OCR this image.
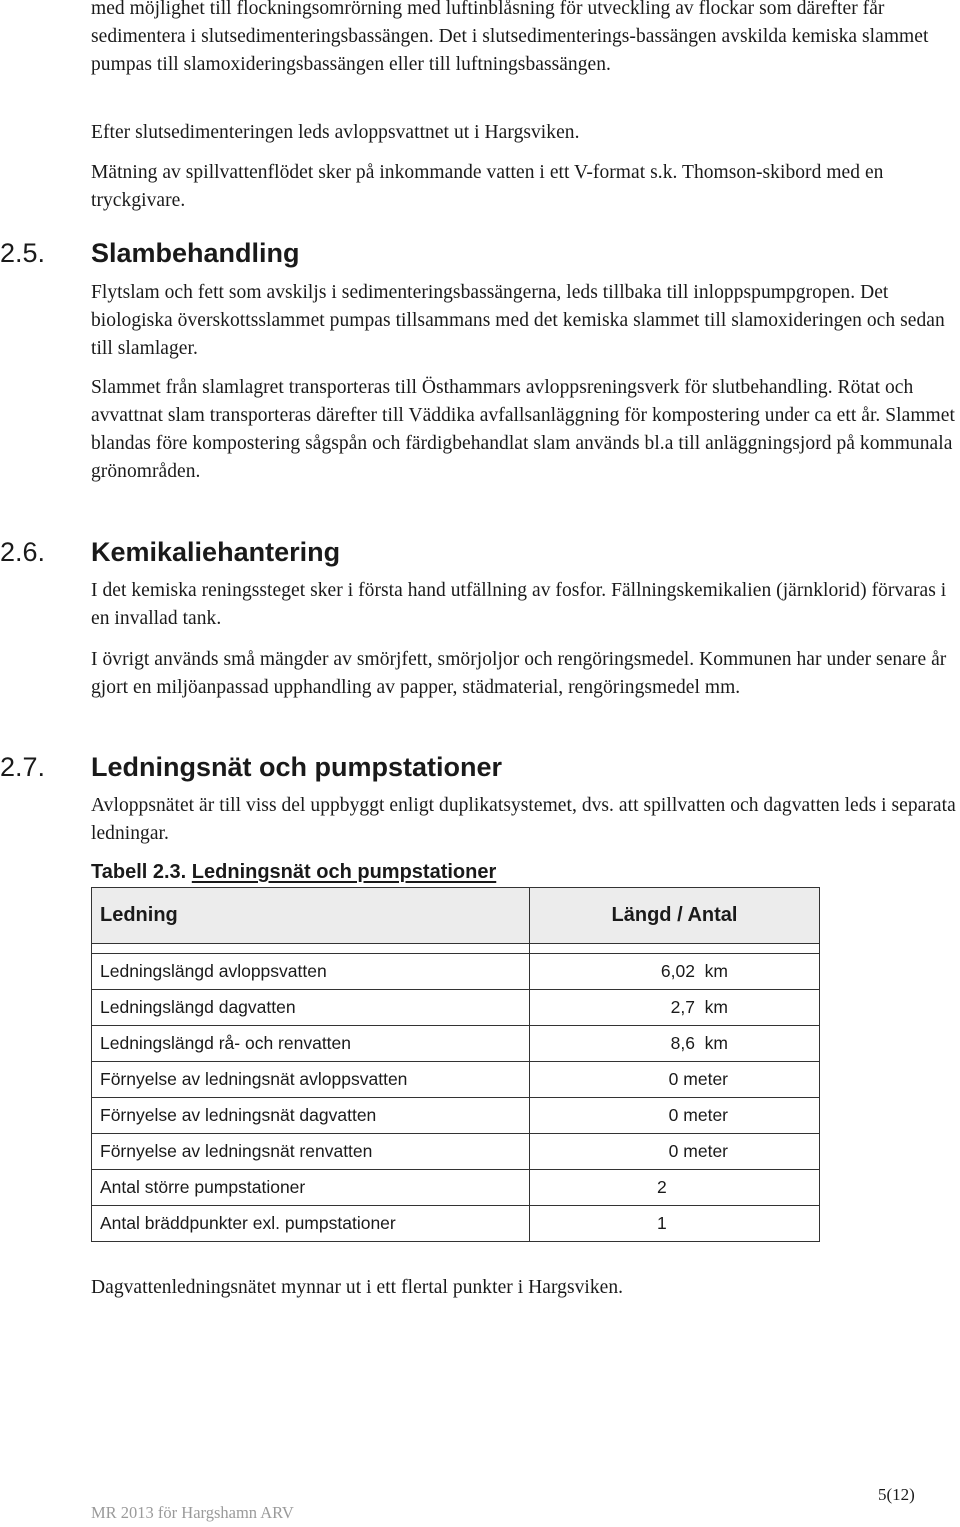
med möjlighet till flockningsomrörning med luftinblåsning för utveckling av flockar som därefter får sedimentera i slutsedimenteringsbassängen. Det i slutsedimenterings-bassängen avskilda kemiska slammet pumpas till slamoxideringsbassängen eller till luftningsbassängen.

Efter slutsedimenteringen leds avloppsvattnet ut i Hargsviken.

Mätning av spillvattenflödet sker på inkommande vatten i ett V-format s.k. Thomson-skibord med en tryckgivare.

2.5. Slambehandling

Flytslam och fett som avskiljs i sedimenteringsbassängerna, leds tillbaka till inloppspumpgropen. Det biologiska överskottsslammet pumpas tillsammans med det kemiska slammet till slamoxideringen och sedan till slamlager.

Slammet från slamlagret transporteras till Östhammars avloppsreningsverk för slutbehandling. Rötat och avvattnat slam transporteras därefter till Väddika avfallsanläggning för kompostering under ca ett år. Slammet blandas före kompostering sågspån och färdigbehandlat slam används bl.a till anläggningsjord på kommunala grönområden.

2.6. Kemikaliehantering

I det kemiska reningssteget sker i första hand utfällning av fosfor. Fällningskemikalien (järnklorid) förvaras i en invallad tank.

I övrigt används små mängder av smörjfett, smörjoljor och rengöringsmedel. Kommunen har under senare år gjort en miljöanpassad upphandling av papper, städmaterial, rengöringsmedel mm.

2.7. Ledningsnät och pumpstationer

Avloppsnätet är till viss del uppbyggt enligt duplikatsystemet, dvs. att spillvatten och dagvatten leds i separata ledningar.

Tabell 2.3. Ledningsnät och pumpstationer

Ledning	Längd / Antal

Ledningslängd avloppsvatten	6,02  km
Ledningslängd dagvatten	2,7  km
Ledningslängd rå- och renvatten	8,6  km
Förnyelse av ledningsnät avloppsvatten	0 meter
Förnyelse av ledningsnät dagvatten	0 meter
Förnyelse av ledningsnät renvatten	0 meter
Antal större pumpstationer	2
Antal bräddpunkter exl. pumpstationer	1

Dagvattenledningsnätet mynnar ut i ett flertal punkter i Hargsviken.

5(12)

MR 2013 för Hargshamn ARV
